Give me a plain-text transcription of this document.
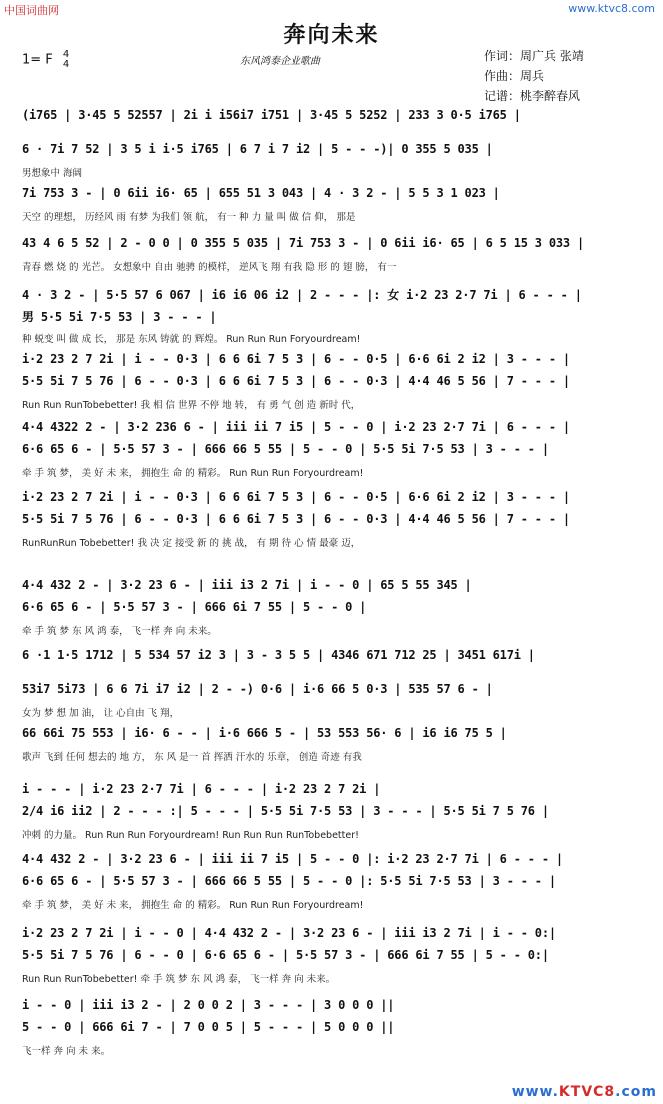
中国词曲网	www.ktvc8.com
奔向未来
1= F 4
4	东风鸿泰企业歌曲	作词：周广兵 张靖
作曲：周兵
记谱：桃李醉春风
(i765 | 3·45 5 52557 | 2i i i56i7 i751 | 3·45 5 5252 | 233 3 0·5 i765 |
6 · 7i 7 52 | 3 5 i i·5 i765 | 6 7 i 7 i2 | 5 - - -)| 0 355 5 035 |
男想象中 海阔
7i 753 3 - | 0 6ii i6· 65 | 655 51 3 043 | 4 · 3 2 - | 5 5 3 1 023 |
天空 的理想， 历经风 雨 有梦 为我们 领 航， 有一 种 力 量 叫 做 信 仰， 那是
43 4 6 5 52 | 2 - 0 0 | 0 355 5 035 | 7i 753 3 - | 0 6ii i6· 65 | 6 5 15 3 033 |
青春 燃 烧 的 光芒。 女想象中 自由 驰骋 的模样， 逆风飞 翔 有我 隐 形 的 翅 膀， 有一
4 · 3 2 - | 5·5 57 6 067 | i6 i6 06 i2 | 2 - - - |: 女 i·2 23 2·7 7i | 6 - - - |
男 5·5 5i 7·5 53 | 3 - - - |
种 蜕变 叫 做 成 长， 那是 东风 铸就 的 辉煌。 Run Run Run Foryourdream!
i·2 23 2 7 2i | i - - 0·3 | 6 6 6i 7 5 3 | 6 - - 0·5 | 6·6 6i 2 i2 | 3 - - - |
5·5 5i 7 5 76 | 6 - - 0·3 | 6 6 6i 7 5 3 | 6 - - 0·3 | 4·4 46 5 56 | 7 - - - |
Run Run RunTobebetter! 我 相 信 世界 不停 地 转， 有 勇 气 创 造 新时 代，
4·4 4322 2 - | 3·2 236 6 - | iii ii 7 i5 | 5 - - 0 | i·2 23 2·7 7i | 6 - - - |
6·6 65 6 - | 5·5 57 3 - | 666 66 5 55 | 5 - - 0 | 5·5 5i 7·5 53 | 3 - - - |
牵 手 筑 梦， 美 好 未 来， 拥抱生 命 的 精彩。 Run Run Run Foryourdream!
i·2 23 2 7 2i | i - - 0·3 | 6 6 6i 7 5 3 | 6 - - 0·5 | 6·6 6i 2 i2 | 3 - - - |
5·5 5i 7 5 76 | 6 - - 0·3 | 6 6 6i 7 5 3 | 6 - - 0·3 | 4·4 46 5 56 | 7 - - - |
RunRunRun Tobebetter! 我 决 定 接受 新 的 挑 战， 有 期 待 心 情 最豪 迈，
4·4 432 2 - | 3·2 23 6 - | iii i3 2 7i | i - - 0 | 65 5 55 345 |
6·6 65 6 - | 5·5 57 3 - | 666 6i 7 55 | 5 - - 0 |
牵 手 筑 梦 东 风 鸿 泰， 飞一样 奔 向 未来。
6 ·1 1·5 1712 | 5 534 57 i2 3 | 3 - 3 5 5 | 4346 671 712 25 | 3451 617i |
53i7 5i73 | 6 6 7i i7 i2 | 2 - -) 0·6 | i·6 66 5 0·3 | 535 57 6 - |
女为 梦 想 加 油， 让 心自由 飞 翔，
66 66i 75 553 | i6· 6 - - | i·6 666 5 - | 53 553 56· 6 | i6 i6 75 5 |
歌声 飞到 任何 想去的 地 方， 东 风 是一 首 挥洒 汗水的 乐章， 创造 奇迹 有我
i - - - | i·2 23 2·7 7i | 6 - - - | i·2 23 2 7 2i |
2/4 i6 ii2 | 2 - - - :| 5 - - - | 5·5 5i 7·5 53 | 3 - - - | 5·5 5i 7 5 76 |
冲刺 的力量。 Run Run Run Foryourdream! Run Run Run RunTobebetter!
4·4 432 2 - | 3·2 23 6 - | iii ii 7 i5 | 5 - - 0 |: i·2 23 2·7 7i | 6 - - - |
6·6 65 6 - | 5·5 57 3 - | 666 66 5 55 | 5 - - 0 |: 5·5 5i 7·5 53 | 3 - - - |
牵 手 筑 梦， 美 好 未 来， 拥抱生 命 的 精彩。 Run Run Run Foryourdream!
i·2 23 2 7 2i | i - - 0 | 4·4 432 2 - | 3·2 23 6 - | iii i3 2 7i | i - - 0:|
5·5 5i 7 5 76 | 6 - - 0 | 6·6 65 6 - | 5·5 57 3 - | 666 6i 7 55 | 5 - - 0:|
Run Run RunTobebetter! 牵 手 筑 梦 东 风 鸿 泰， 飞一样 奔 向 未来。
i - - 0 | iii i3 2 - | 2 0 0 2 | 3 - - - | 3 0 0 0 ||
5 - - 0 | 666 6i 7 - | 7 0 0 5 | 5 - - - | 5 0 0 0 ||
飞一样 奔 向 未 来。
www.KTVC8.com
